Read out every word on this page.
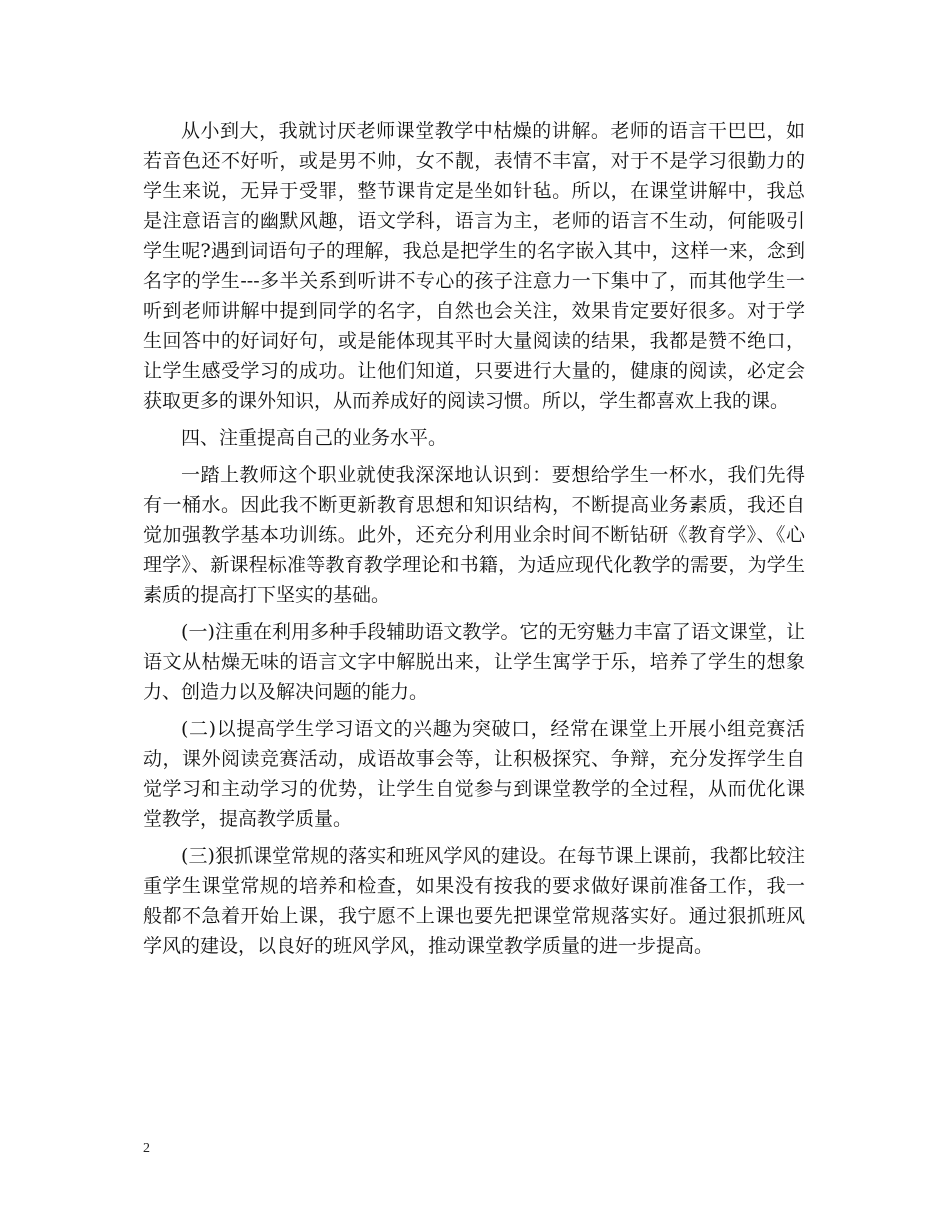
从小到大，我就讨厌老师课堂教学中枯燥的讲解。老师的语言干巴巴，如若音色还不好听，或是男不帅，女不靓，表情不丰富，对于不是学习很勤力的学生来说，无异于受罪，整节课肯定是坐如针毡。所以，在课堂讲解中，我总是注意语言的幽默风趣，语文学科，语言为主，老师的语言不生动，何能吸引学生呢?遇到词语句子的理解，我总是把学生的名字嵌入其中，这样一来，念到名字的学生---多半关系到听讲不专心的孩子注意力一下集中了，而其他学生一听到老师讲解中提到同学的名字，自然也会关注，效果肯定要好很多。对于学生回答中的好词好句，或是能体现其平时大量阅读的结果，我都是赞不绝口，让学生感受学习的成功。让他们知道，只要进行大量的，健康的阅读，必定会获取更多的课外知识，从而养成好的阅读习惯。所以，学生都喜欢上我的课。

四、注重提高自己的业务水平。

一踏上教师这个职业就使我深深地认识到：要想给学生一杯水，我们先得有一桶水。因此我不断更新教育思想和知识结构，不断提高业务素质，我还自觉加强教学基本功训练。此外，还充分利用业余时间不断钻研《教育学》、《心理学》、新课程标准等教育教学理论和书籍，为适应现代化教学的需要，为学生素质的提高打下坚实的基础。

(一)注重在利用多种手段辅助语文教学。它的无穷魅力丰富了语文课堂，让语文从枯燥无味的语言文字中解脱出来，让学生寓学于乐，培养了学生的想象力、创造力以及解决问题的能力。

(二)以提高学生学习语文的兴趣为突破口，经常在课堂上开展小组竞赛活动，课外阅读竞赛活动，成语故事会等，让积极探究、争辩，充分发挥学生自觉学习和主动学习的优势，让学生自觉参与到课堂教学的全过程，从而优化课堂教学，提高教学质量。

(三)狠抓课堂常规的落实和班风学风的建设。在每节课上课前，我都比较注重学生课堂常规的培养和检查，如果没有按我的要求做好课前准备工作，我一般都不急着开始上课，我宁愿不上课也要先把课堂常规落实好。通过狠抓班风学风的建设，以良好的班风学风，推动课堂教学质量的进一步提高。

2
